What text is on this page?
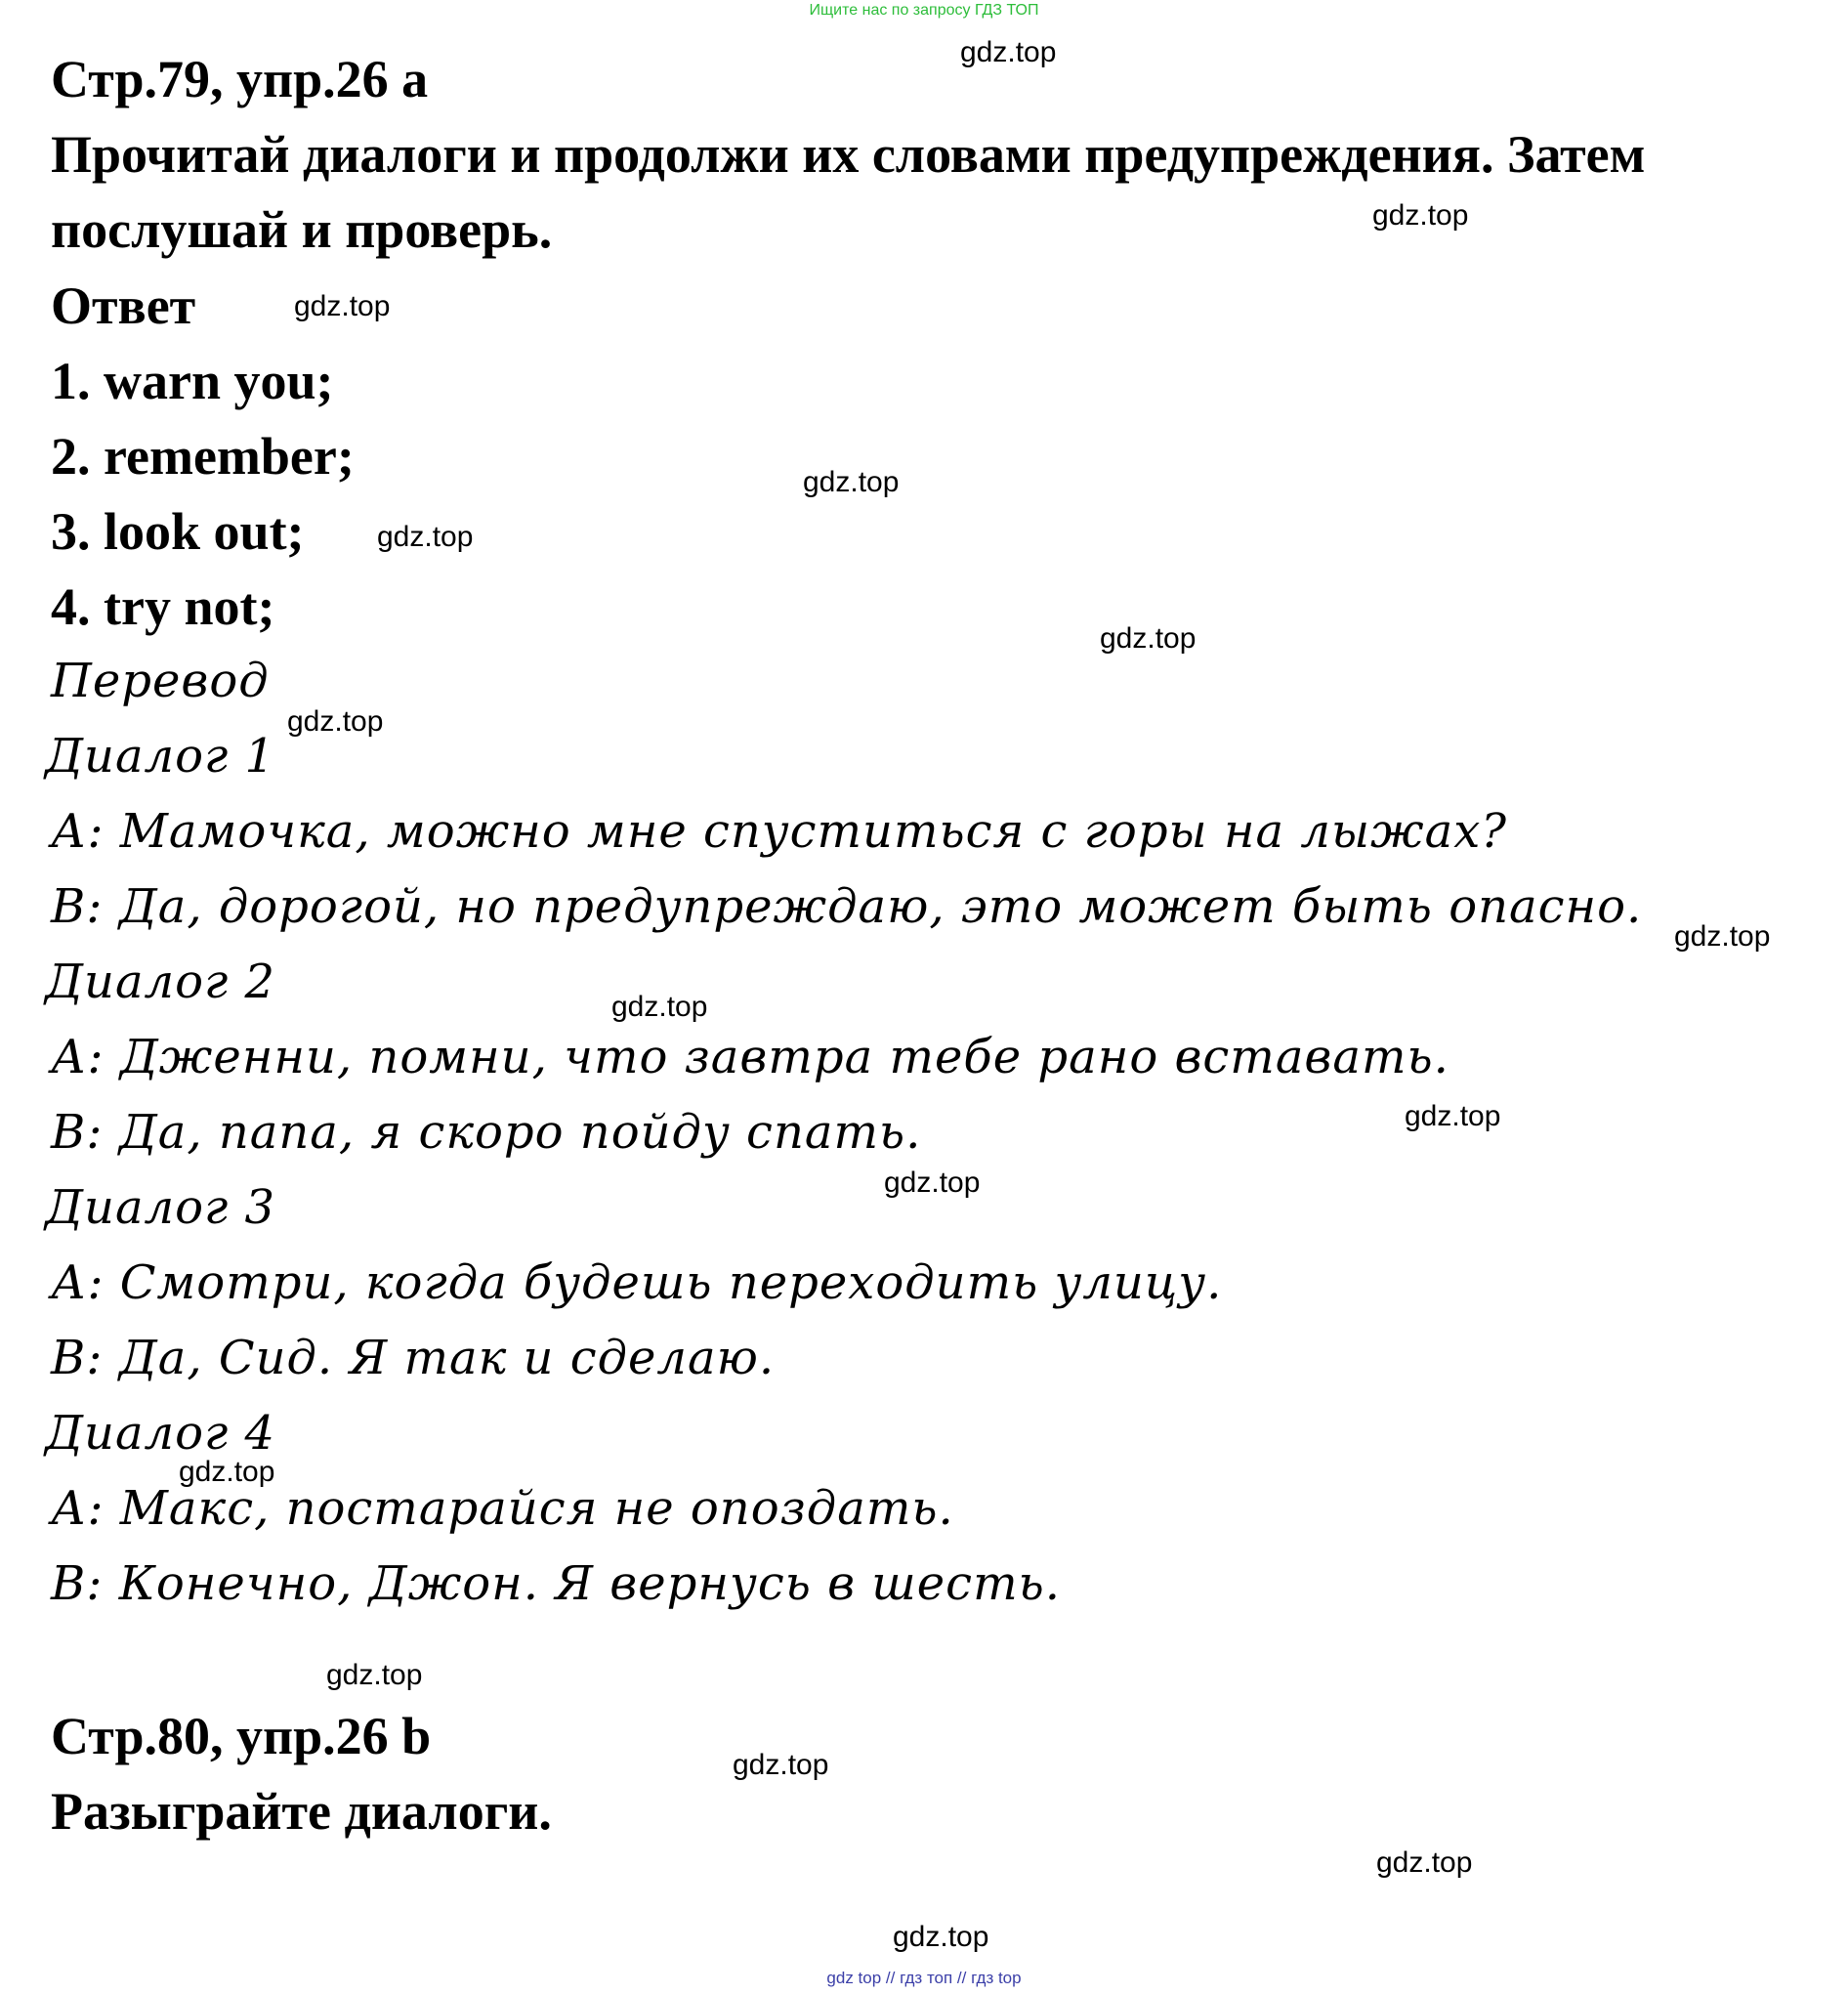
Ищите нас по запросу ГДЗ ТОП
Стр.79, упр.26 a
Прочитай диалоги и продолжи их словами предупреждения. Затем
послушай и проверь.
Ответ
1. warn you;
2. remember;
3. look out;
4. try not;
Перевод
Диалог 1
А: Мамочка, можно мне спуститься с горы на лыжах?
В: Да, дорогой, но предупреждаю, это может быть опасно.
Диалог 2
А: Дженни, помни, что завтра тебе рано вставать.
В: Да, папа, я скоро пойду спать.
Диалог 3
А: Смотри, когда будешь переходить улицу.
В: Да, Сид. Я так и сделаю.
Диалог 4
А: Макс, постарайся не опоздать.
В: Конечно, Джон. Я вернусь в шесть.
Стр.80, упр.26 b
Разыграйте диалоги.
gdz.top
gdz.top
gdz.top
gdz.top
gdz.top
gdz.top
gdz.top
gdz.top
gdz.top
gdz.top
gdz.top
gdz.top
gdz.top
gdz.top
gdz.top
gdz.top
gdz top // гдз топ // гдз top
